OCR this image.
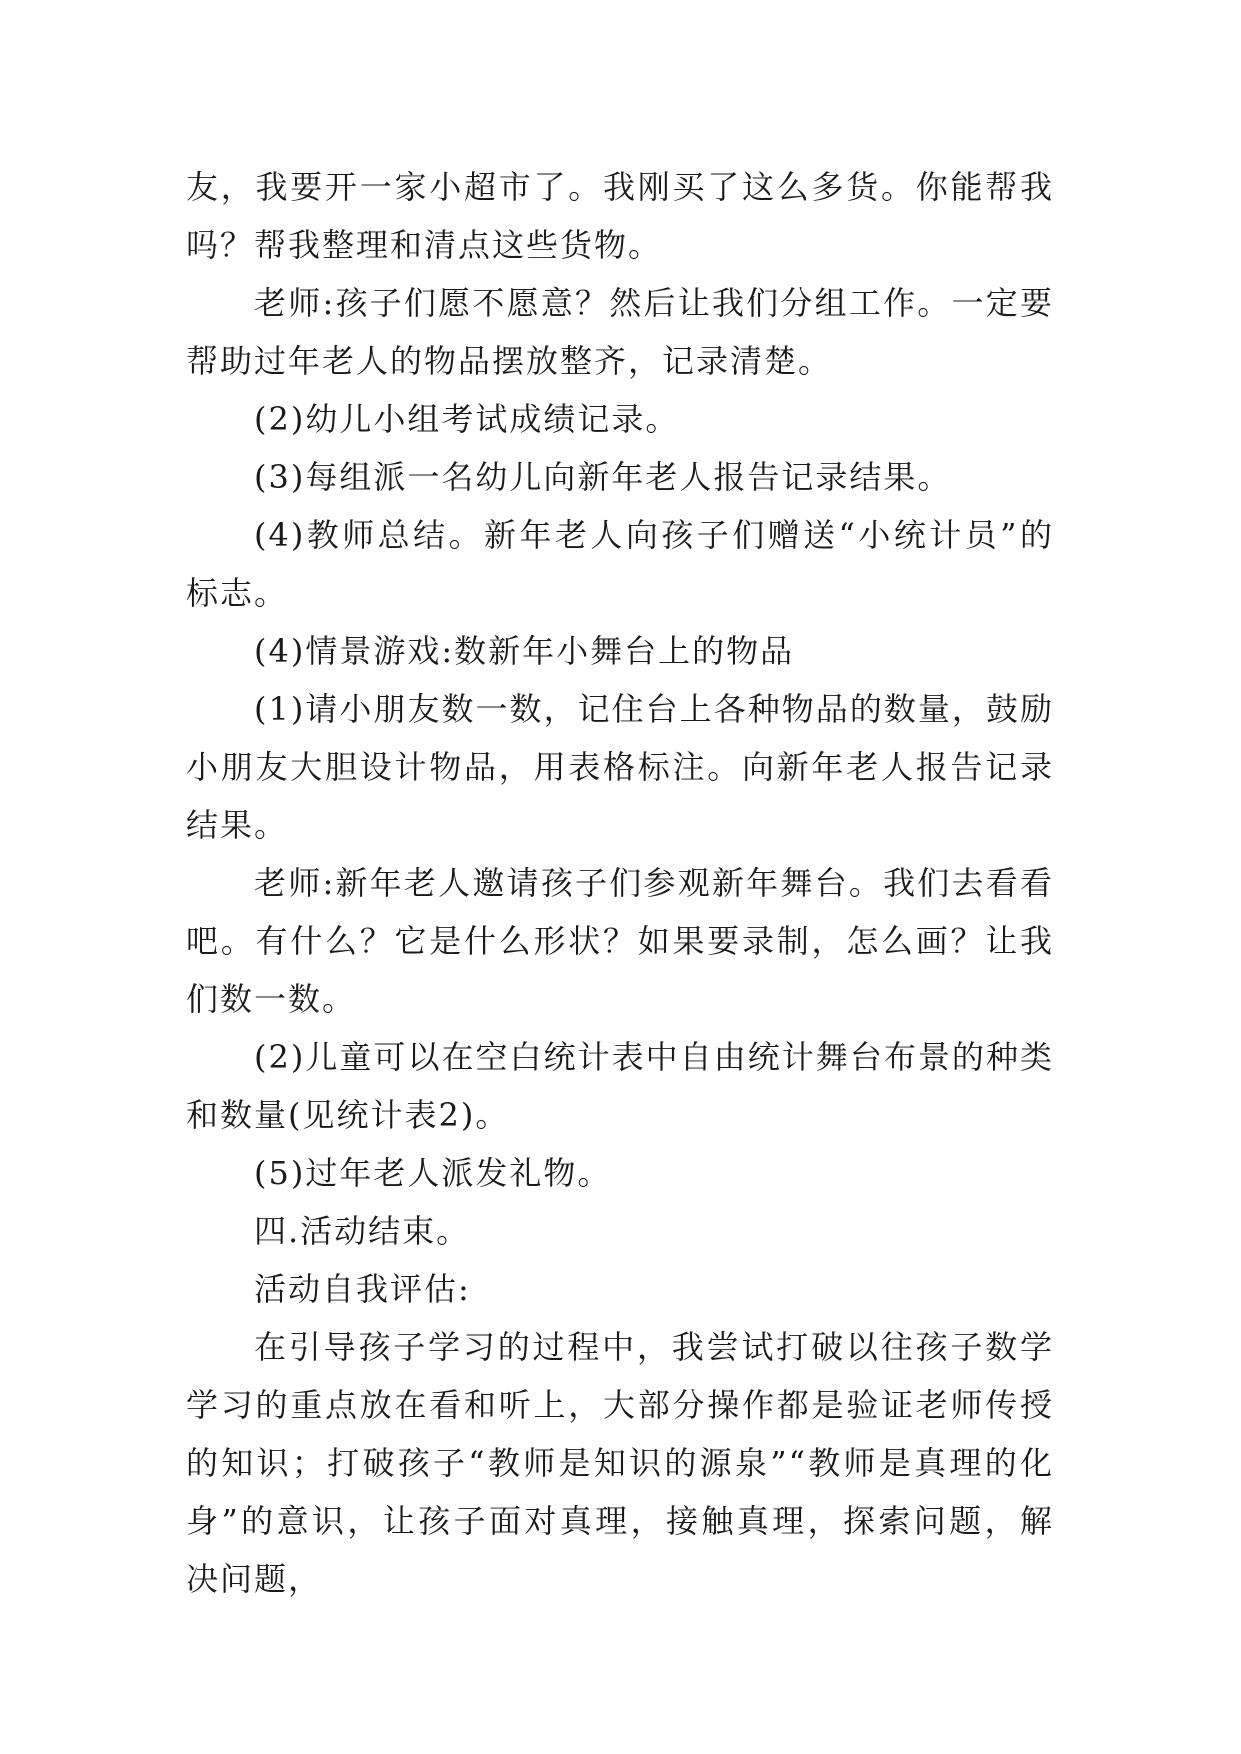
友，我要开一家小超市了。我刚买了这么多货。你能帮我吗？帮我整理和清点这些货物。

老师:孩子们愿不愿意？然后让我们分组工作。一定要帮助过年老人的物品摆放整齐，记录清楚。

(2)幼儿小组考试成绩记录。

(3)每组派一名幼儿向新年老人报告记录结果。

(4)教师总结。新年老人向孩子们赠送“小统计员”的标志。

(4)情景游戏:数新年小舞台上的物品

(1)请小朋友数一数，记住台上各种物品的数量，鼓励小朋友大胆设计物品，用表格标注。向新年老人报告记录结果。

老师:新年老人邀请孩子们参观新年舞台。我们去看看吧。有什么？它是什么形状？如果要录制，怎么画？让我们数一数。

(2)儿童可以在空白统计表中自由统计舞台布景的种类和数量(见统计表2)。

(5)过年老人派发礼物。

四.活动结束。

活动自我评估:

在引导孩子学习的过程中，我尝试打破以往孩子数学学习的重点放在看和听上，大部分操作都是验证老师传授的知识；打破孩子“教师是知识的源泉”“教师是真理的化身”的意识，让孩子面对真理，接触真理，探索问题，解决问题，
